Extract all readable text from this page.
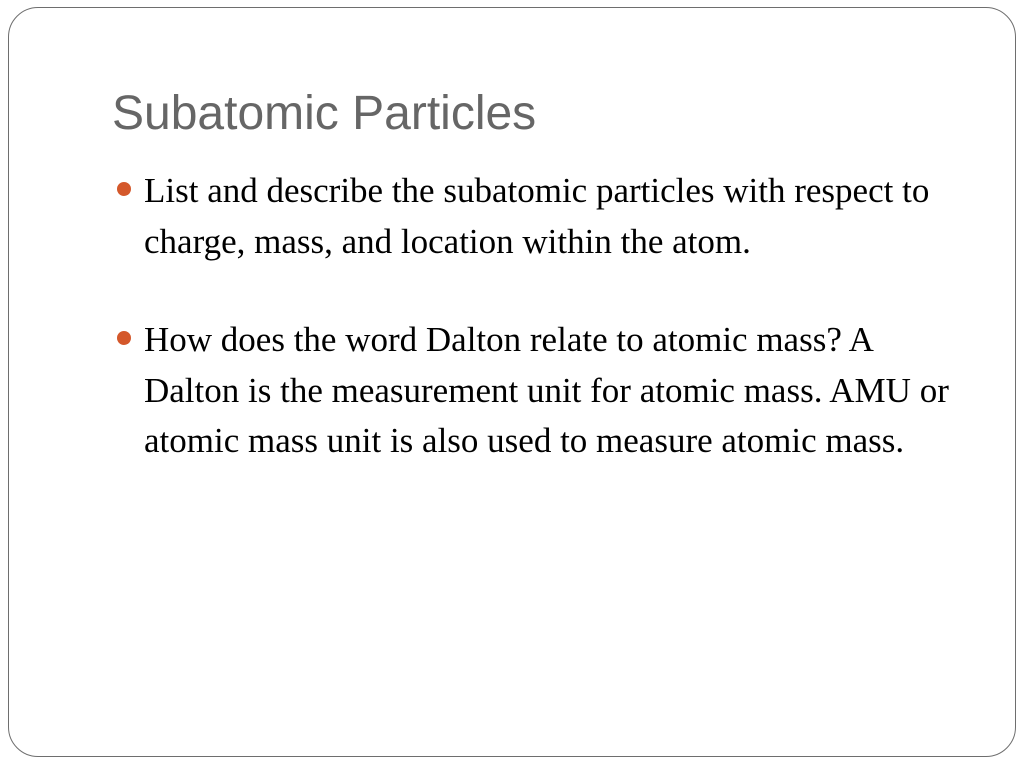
Subatomic Particles
List and describe the subatomic particles with respect to charge, mass, and location within the atom.
How does the word Dalton relate to atomic mass? A Dalton is the measurement unit for atomic mass. AMU or atomic mass unit is also used to measure atomic mass.
